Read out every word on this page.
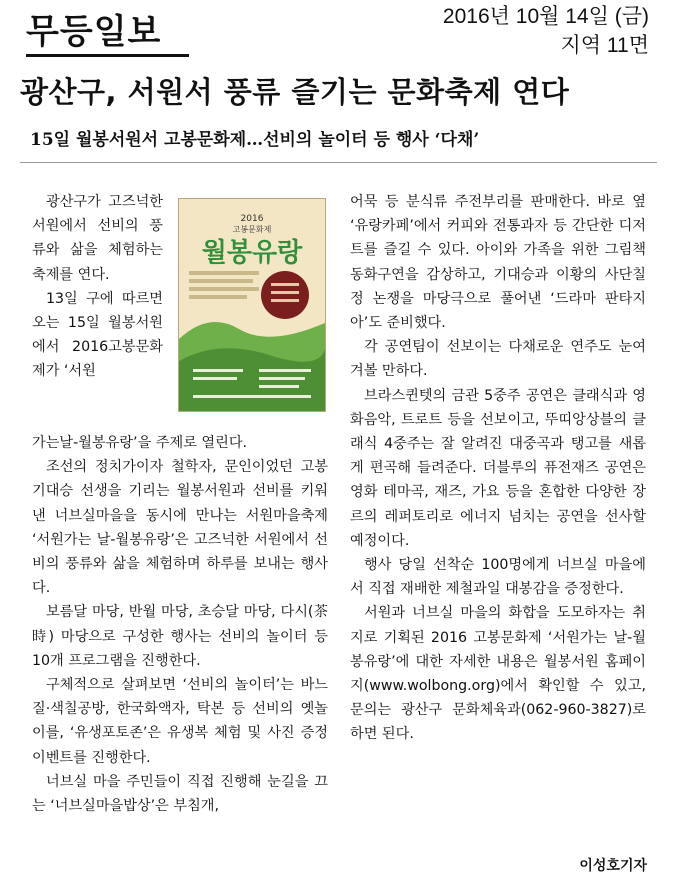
무등일보	2016년 10월 14일 (금)
지역 11면
광산구, 서원서 풍류 즐기는 문화축제 연다
15일 월봉서원서 고봉문화제…선비의 놀이터 등 행사 ‘다채’

광산구가 고즈넉한 서원에서 선비의 풍류와 삶을 체험하는 축제를 연다.

13일 구에 따르면 오는 15일 월봉서원에서 2016고봉문화제가 ‘서원

2016
고봉문화제
월봉유랑

가는날-월봉유랑’을 주제로 열린다.

조선의 정치가이자 철학자, 문인이었던 고봉 기대승 선생을 기리는 월봉서원과 선비를 키워낸 너브실마을을 동시에 만나는 서원마을축제 ‘서원가는 날-월봉유랑’은 고즈넉한 서원에서 선비의 풍류와 삶을 체험하며 하루를 보내는 행사다.

보름달 마당, 반월 마당, 초승달 마당, 다시(茶時) 마당으로 구성한 행사는 선비의 놀이터 등 10개 프로그램을 진행한다.

구체적으로 살펴보면 ‘선비의 놀이터’는 바느질·색칠공방, 한국화액자, 탁본 등 선비의 옛놀이를, ‘유생포토존’은 유생복 체험 및 사진 증정 이벤트를 진행한다.

너브실 마을 주민들이 직접 진행해 눈길을 끄는 ‘너브실마을밥상’은 부침개,

어묵 등 분식류 주전부리를 판매한다. 바로 옆 ‘유랑카페’에서 커피와 전통과자 등 간단한 디저트를 즐길 수 있다. 아이와 가족을 위한 그림책 동화구연을 감상하고, 기대승과 이황의 사단칠정 논쟁을 마당극으로 풀어낸 ‘드라마 판타지아’도 준비했다.

각 공연팀이 선보이는 다채로운 연주도 눈여겨볼 만하다.

브라스퀸텟의 금관 5중주 공연은 클래식과 영화음악, 트로트 등을 선보이고, 뚜띠앙상블의 클래식 4중주는 잘 알려진 대중곡과 탱고를 새롭게 편곡해 들려준다. 더블루의 퓨전재즈 공연은 영화 테마곡, 재즈, 가요 등을 혼합한 다양한 장르의 레퍼토리로 에너지 넘치는 공연을 선사할 예정이다.

행사 당일 선착순 100명에게 너브실 마을에서 직접 재배한 제철과일 대봉감을 증정한다.

서원과 너브실 마을의 화합을 도모하자는 취지로 기획된 2016 고봉문화제 ‘서원가는 날-월봉유랑’에 대한 자세한 내용은 월봉서원 홈페이지(www.wolbong.org)에서 확인할 수 있고, 문의는 광산구 문화체육과(062-960-3827)로 하면 된다.

이성호기자
